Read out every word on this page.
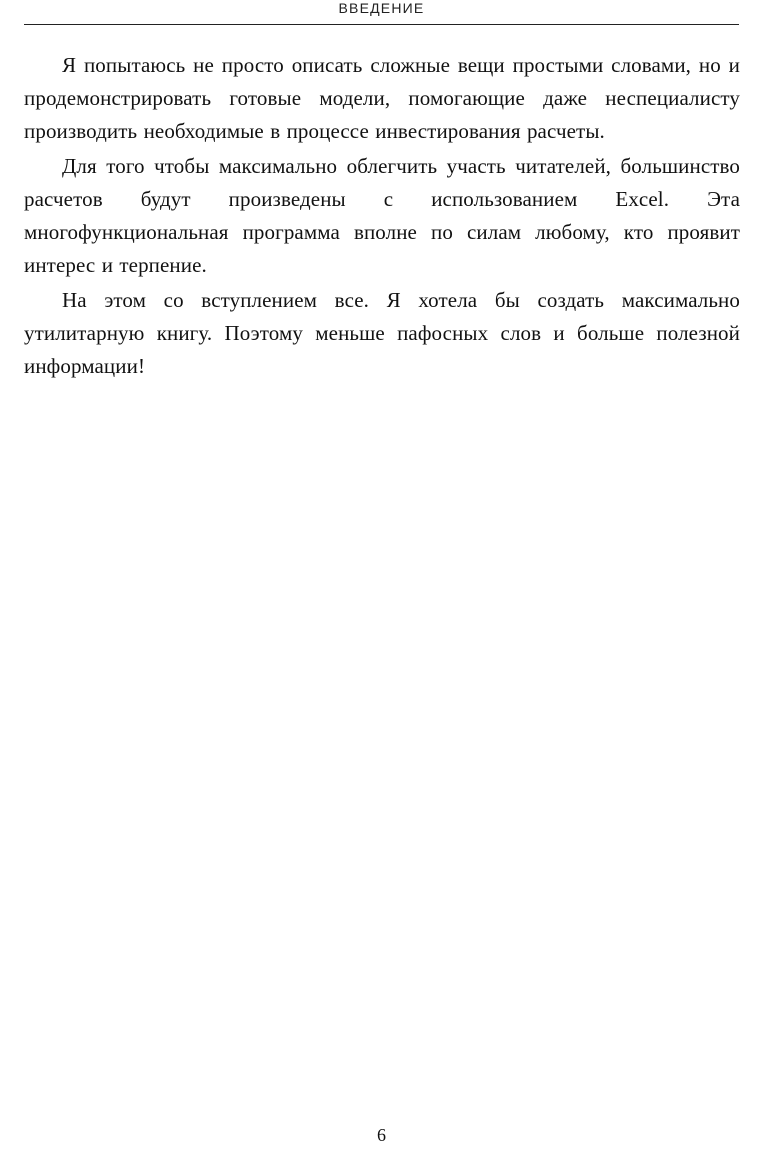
ВВЕДЕНИЕ

Я попытаюсь не просто описать сложные вещи простыми словами, но и продемонстрировать готовые модели, помогающие даже неспециалисту производить необходимые в процессе инвестирования расчеты.

Для того чтобы максимально облегчить участь читателей, большинство расчетов будут произведены с использованием Excel. Эта многофункциональная программа вполне по силам любому, кто проявит интерес и терпение.

На этом со вступлением все. Я хотела бы создать максимально утилитарную книгу. Поэтому меньше пафосных слов и больше полезной информации!

6
